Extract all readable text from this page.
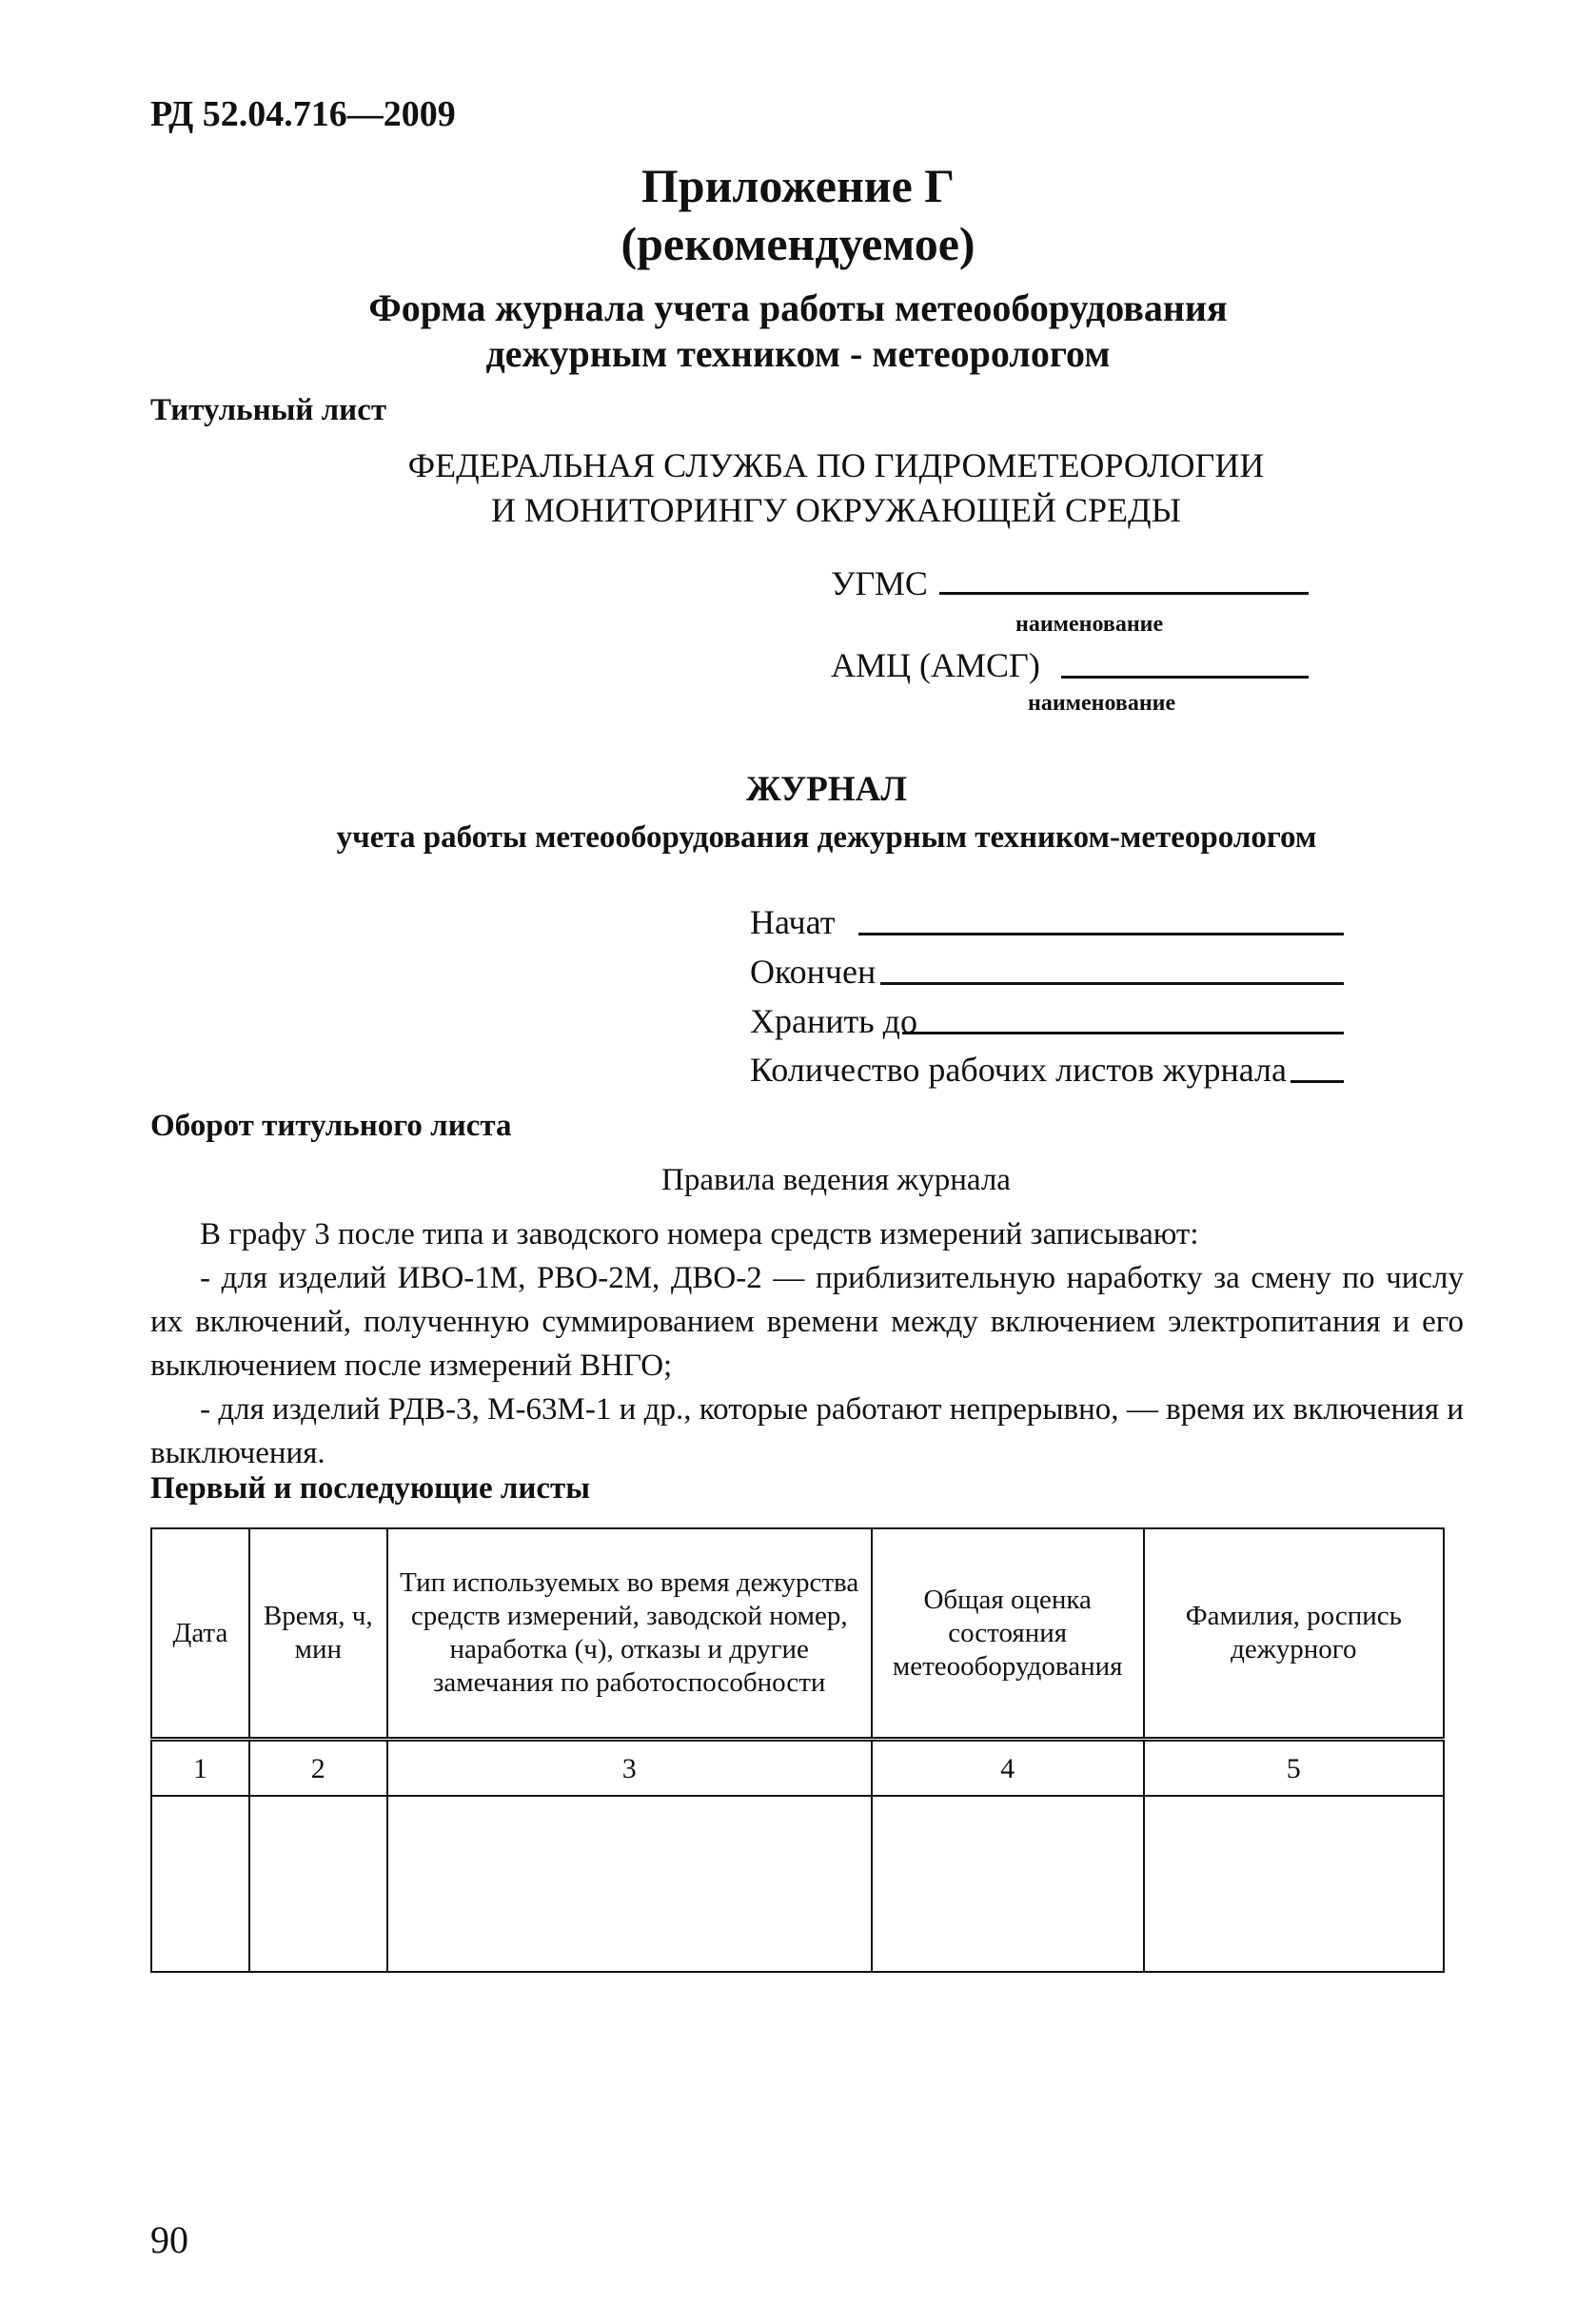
РД 52.04.716—2009
Приложение Г
(рекомендуемое)
Форма журнала учета работы метеооборудования
дежурным техником - метеорологом
Титульный лист
ФЕДЕРАЛЬНАЯ СЛУЖБА ПО ГИДРОМЕТЕОРОЛОГИИ
И МОНИТОРИНГУ ОКРУЖАЮЩЕЙ СРЕДЫ
УГМС
наименование
АМЦ (АМСГ)
наименование
ЖУРНАЛ
учета работы метеооборудования дежурным техником-метеорологом
Начат
Окончен
Хранить до
Количество рабочих листов журнала
Оборот титульного листа
Правила ведения журнала

В графу 3 после типа и заводского номера средств измерений записывают:

- для изделий ИВО-1М, РВО-2М, ДВО-2 — приблизительную наработку за смену по числу их включений, полученную суммированием времени между включением электропитания и его выключением после измерений ВНГО;

- для изделий РДВ-3, М-63М-1 и др., которые работают непрерывно, — время их включения и выключения.

Первый и последующие листы
Дата	Время, ч, мин	Тип используемых во время дежурства средств измерений, заводской номер, наработка (ч), отказы и другие замечания по работоспособности	Общая оценка состояния метеооборудования	Фамилия, роспись дежурного
1	2	3	4	5

90
